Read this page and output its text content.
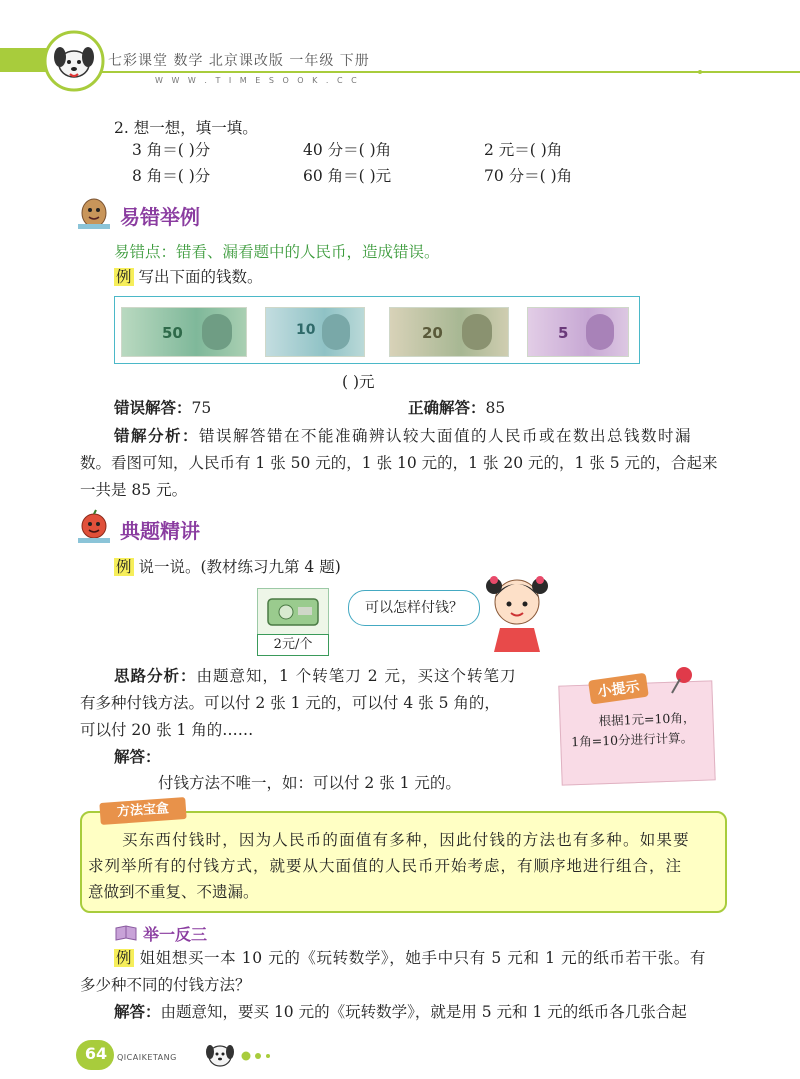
七彩课堂 数学 北京课改版 一年级 下册
W W W . T I M E S O O K . C C
2. 想一想，填一填。
3 角＝( )分	40 分＝( )角	2 元＝( )角
8 角＝( )分	60 角＝( )元	70 分＝( )角
易错举例
易错点：错看、漏看题中的人民币，造成错误。
例 写出下面的钱数。
50	10	20	5
( )元
错误解答：75	正确解答：85
错解分析：错误解答错在不能准确辨认较大面值的人民币或在数出总钱数时漏
数。看图可知，人民币有 1 张 50 元的，1 张 10 元的，1 张 20 元的，1 张 5 元的，合起来
一共是 85 元。
典题精讲
例 说一说。(教材练习九第 4 题)
2元/个
可以怎样付钱？
思路分析：由题意知，1 个转笔刀 2 元，买这个转笔刀
有多种付钱方法。可以付 2 张 1 元的，可以付 4 张 5 角的，
可以付 20 张 1 角的……
解答：
付钱方法不唯一，如：可以付 2 张 1 元的。
小提示
根据1元=10角，
1角=10分进行计算。
买东西付钱时，因为人民币的面值有多种，因此付钱的方法也有多种。如果要
求列举所有的付钱方式，就要从大面值的人民币开始考虑，有顺序地进行组合，注
意做到不重复、不遗漏。
方法宝盒
举一反三
例 姐姐想买一本 10 元的《玩转数学》，她手中只有 5 元和 1 元的纸币若干张。有
多少种不同的付钱方法？
解答：由题意知，要买 10 元的《玩转数学》，就是用 5 元和 1 元的纸币各几张合起
64	QICAIKETANG
